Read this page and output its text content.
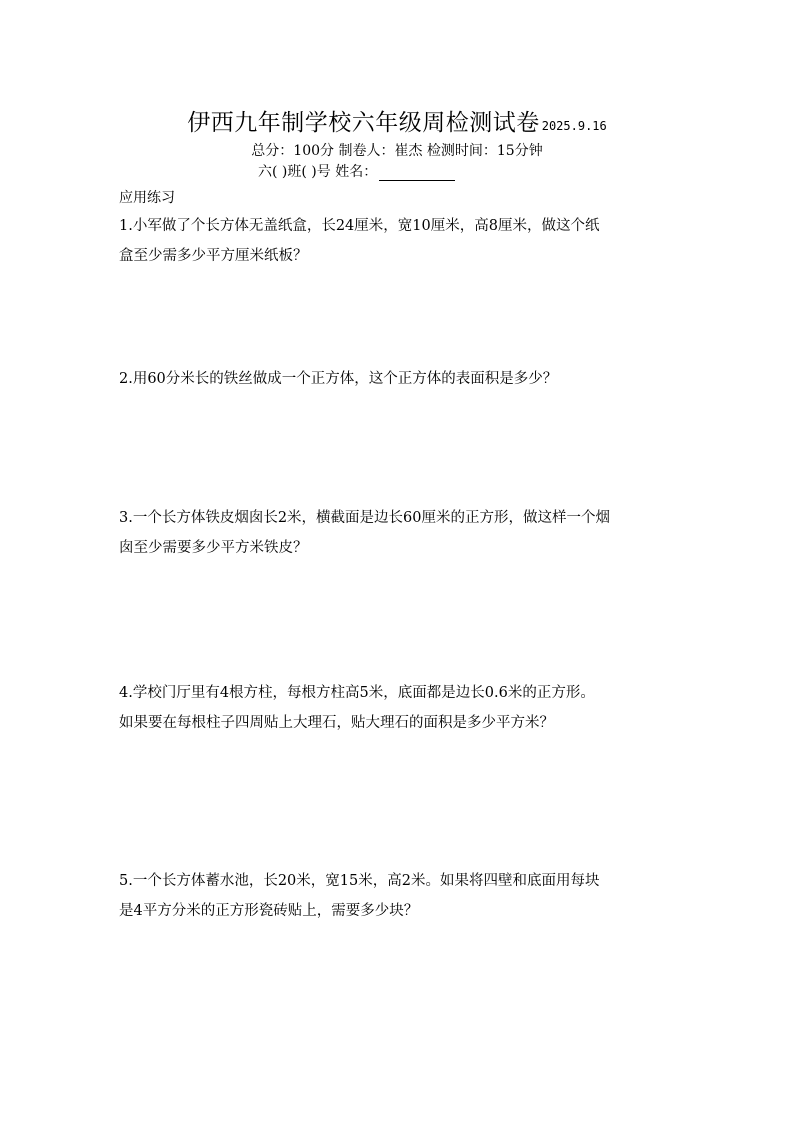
伊西九年制学校六年级周检测试卷 2025.9.16
总分：100分 制卷人：崔杰 检测时间：15分钟
六( )班( )号 姓名：
应用练习

1.小军做了个长方体无盖纸盒，长24厘米，宽10厘米，高8厘米，做这个纸

盒至少需多少平方厘米纸板？

2.用60分米长的铁丝做成一个正方体，这个正方体的表面积是多少？

3.一个长方体铁皮烟囱长2米，横截面是边长60厘米的正方形，做这样一个烟

囱至少需要多少平方米铁皮？

4.学校门厅里有4根方柱，每根方柱高5米，底面都是边长0.6米的正方形。

如果要在每根柱子四周贴上大理石，贴大理石的面积是多少平方米？

5.一个长方体蓄水池，长20米，宽15米，高2米。如果将四壁和底面用每块

是4平方分米的正方形瓷砖贴上，需要多少块？
